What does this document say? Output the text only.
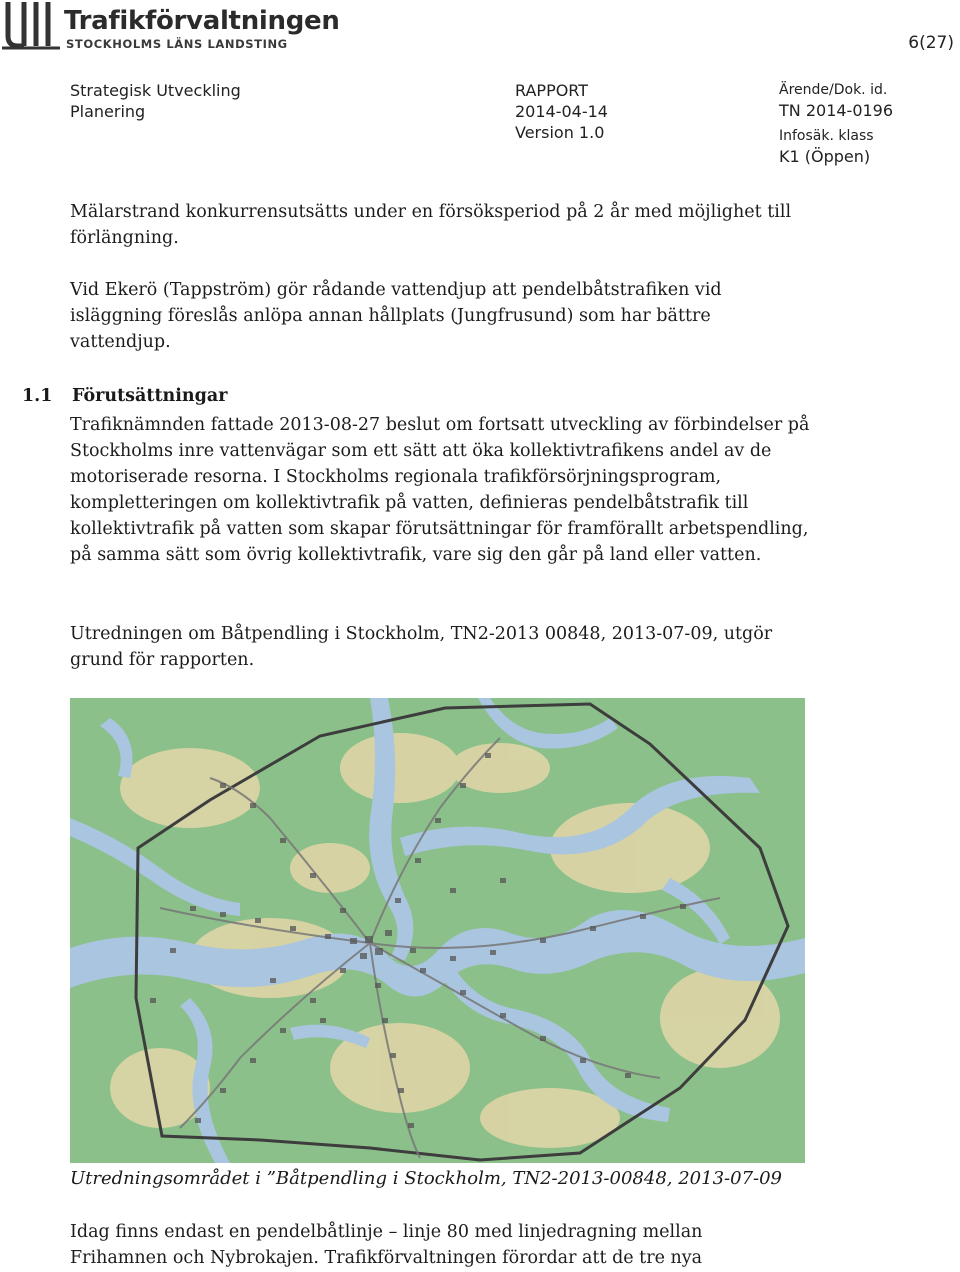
Trafikförvaltningen
STOCKHOLMS LÄNS LANDSTING	6(27)
Strategisk Utveckling
Planering
RAPPORT
2014-04-14
Version 1.0
Ärende/Dok. id.
TN 2014-0196
Infosäk. klass
K1 (Öppen)

Mälarstrand konkurrensutsätts under en försöksperiod på 2 år med möjlighet till förlängning.

Vid Ekerö (Tappström) gör rådande vattendjup att pendelbåtstrafiken vid isläggning föreslås anlöpa annan hållplats (Jungfrusund) som har bättre vattendjup.

1.1 Förutsättningar

Trafiknämnden fattade 2013-08-27 beslut om fortsatt utveckling av förbindelser på Stockholms inre vattenvägar som ett sätt att öka kollektivtrafikens andel av de motoriserade resorna. I Stockholms regionala trafikförsörjningsprogram, kompletteringen om kollektivtrafik på vatten, definieras pendelbåtstrafik till kollektivtrafik på vatten som skapar förutsättningar för framförallt arbetspendling, på samma sätt som övrig kollektivtrafik, vare sig den går på land eller vatten.

Utredningen om Båtpendling i Stockholm, TN2-2013 00848, 2013-07-09, utgör grund för rapporten.

Utredningsområdet i ”Båtpendling i Stockholm, TN2-2013-00848, 2013-07-09

Idag finns endast en pendelbåtlinje – linje 80 med linjedragning mellan Frihamnen och Nybrokajen. Trafikförvaltningen förordar att de tre nya
